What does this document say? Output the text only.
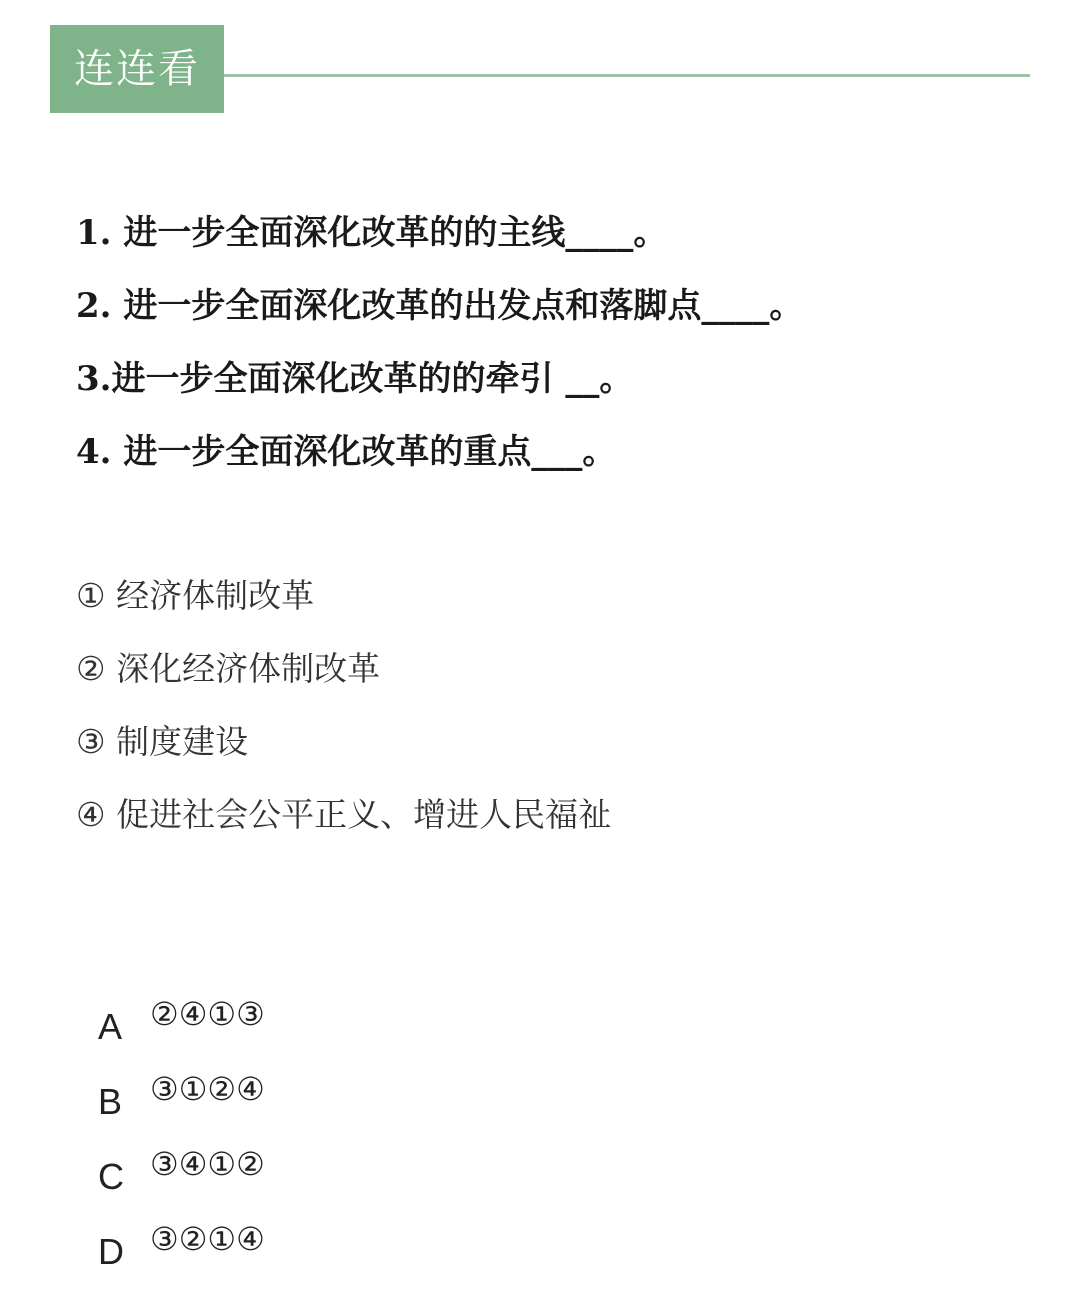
连连看
1. 进一步全面深化改革的的主线____。
2. 进一步全面深化改革的出发点和落脚点____。
3.进一步全面深化改革的的牵引 __。
4. 进一步全面深化改革的重点___。
① 经济体制改革
② 深化经济体制改革
③ 制度建设
④ 促进社会公平正义、增进人民福祉
A ②④①③
B ③①②④
C ③④①②
D ③②①④
